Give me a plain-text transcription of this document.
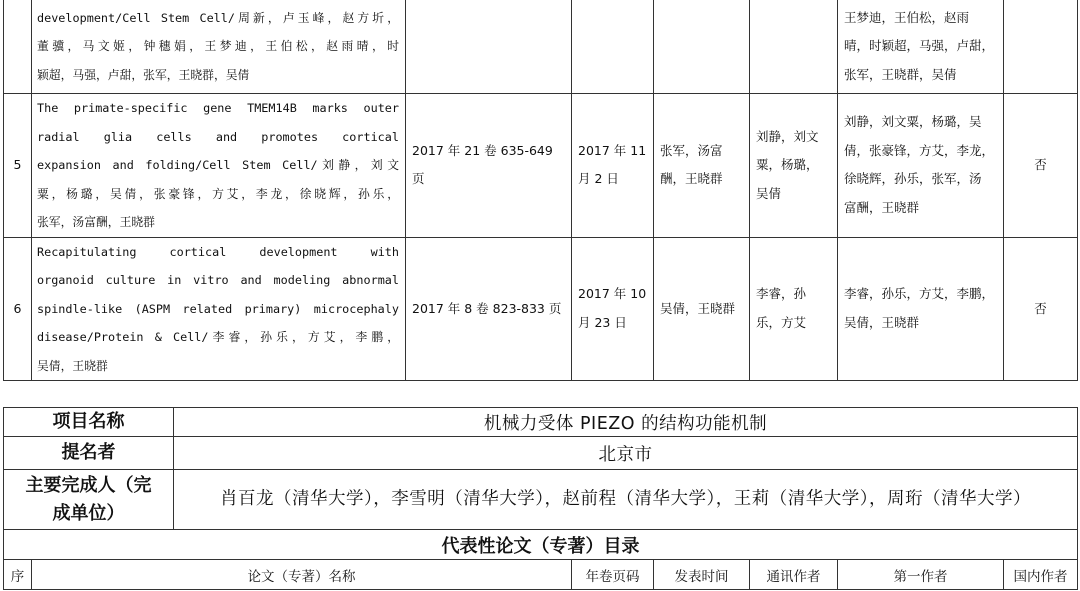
	development/Cell Stem Cell/周新，卢玉峰，赵方圻，
董骥，马文姬，钟穗娟，王梦迪，王伯松，赵雨晴，时
颖超，马强，卢甜，张军，王晓群，吴倩					王梦迪，王伯松，赵雨
晴，时颖超，马强，卢甜，
张军，王晓群，吴倩	

5	The primate-specific gene TMEM14B marks outer
radial glia cells and promotes cortical
expansion and folding/Cell Stem Cell/刘静，刘文
粟，杨璐，吴倩，张豪锋，方艾，李龙，徐晓辉，孙乐，
张军，汤富酬，王晓群	2017 年 21 卷 635-649
页	2017 年 11
月 2 日	张军，汤富
酬，王晓群	刘静，刘文
粟，杨璐，
吴倩	刘静，刘文粟，杨璐，吴
倩，张豪锋，方艾，李龙，
徐晓辉，孙乐，张军，汤
富酬，王晓群	否
6	Recapitulating cortical development with
organoid culture in vitro and modeling abnormal
spindle-like (ASPM related primary) microcephaly
disease/Protein & Cell/李睿，孙乐，方艾，李鹏，
吴倩，王晓群	2017 年 8 卷 823-833 页	2017 年 10
月 23 日	吴倩，王晓群	李睿，孙
乐，方艾	李睿，孙乐，方艾，李鹏，
吴倩，王晓群	否
项目名称		机械力受体 PIEZO 的结构功能机制					
提名者		北京市					

主要完成人（完
成单位）		肖百龙（清华大学），李雪明（清华大学），赵前程（清华大学），王莉（清华大学），周珩（清华大学）					
代表性论文（专著）目录							
序	论文（专著）名称		年卷页码	发表时间	通讯作者	第一作者	国内作者
